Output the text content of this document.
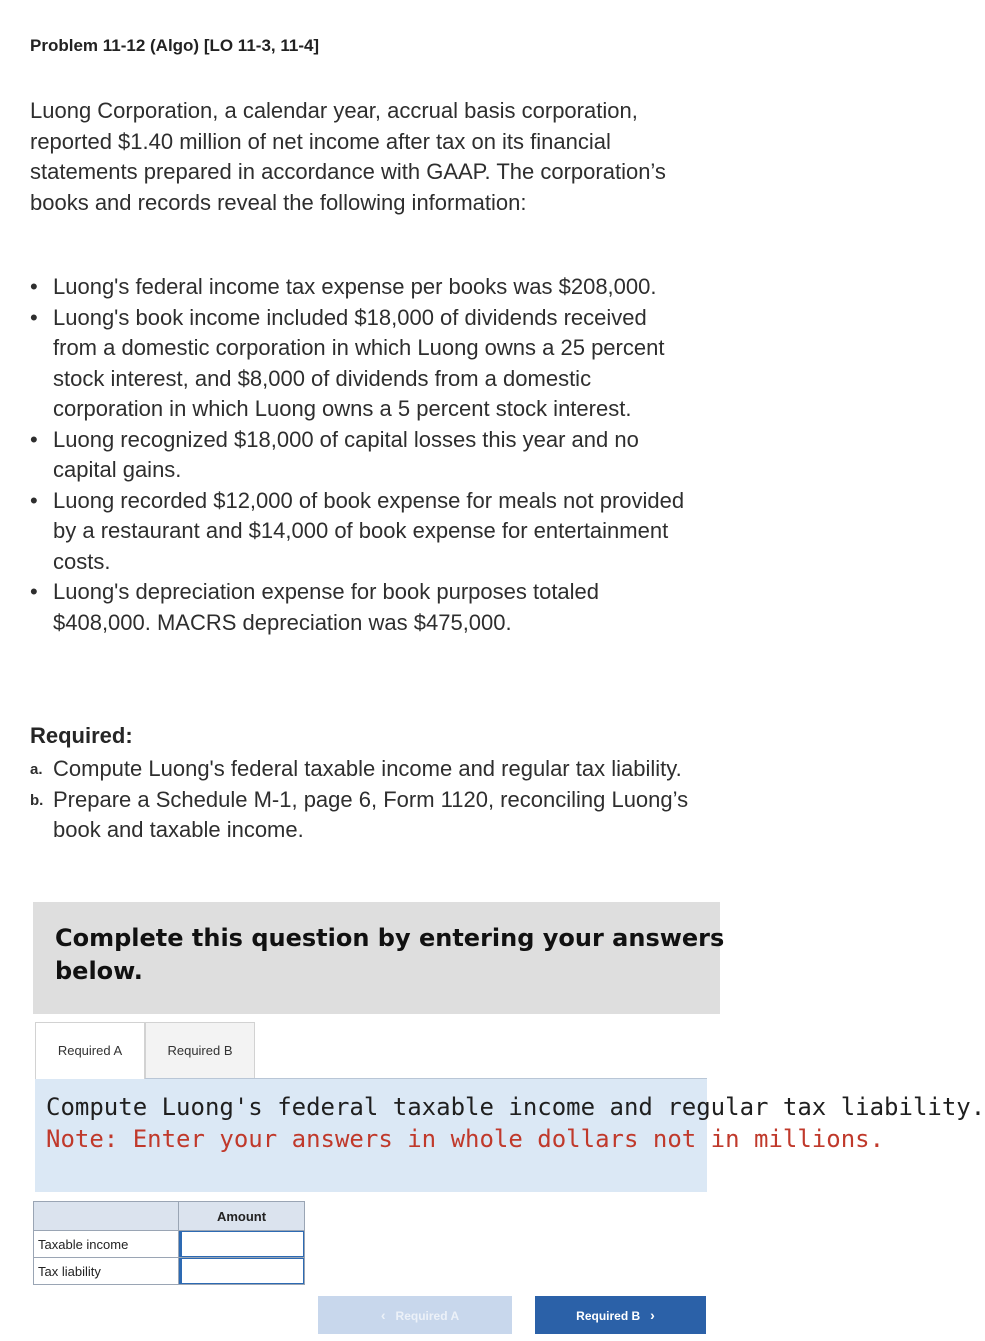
Problem 11-12 (Algo) [LO 11-3, 11-4]

Luong Corporation, a calendar year, accrual basis corporation, reported $1.40 million of net income after tax on its financial statements prepared in accordance with GAAP. The corporation’s books and records reveal the following information:

• Luong's federal income tax expense per books was $208,000.
• Luong's book income included $18,000 of dividends received from a domestic corporation in which Luong owns a 25 percent stock interest, and $8,000 of dividends from a domestic corporation in which Luong owns a 5 percent stock interest.
• Luong recognized $18,000 of capital losses this year and no capital gains.
• Luong recorded $12,000 of book expense for meals not provided by a restaurant and $14,000 of book expense for entertainment costs.
• Luong's depreciation expense for book purposes totaled $408,000. MACRS depreciation was $475,000.
Required:
a. Compute Luong's federal taxable income and regular tax liability.
b. Prepare a Schedule M-1, page 6, Form 1120, reconciling Luong’s book and taxable income.
Complete this question by entering your answers below.
Required A	Required B
Compute Luong's federal taxable income and regular tax liability.
Note: Enter your answers in whole dollars not in millions.
	Amount
Taxable income	

Tax liability	
‹ Required A	Required B ›
